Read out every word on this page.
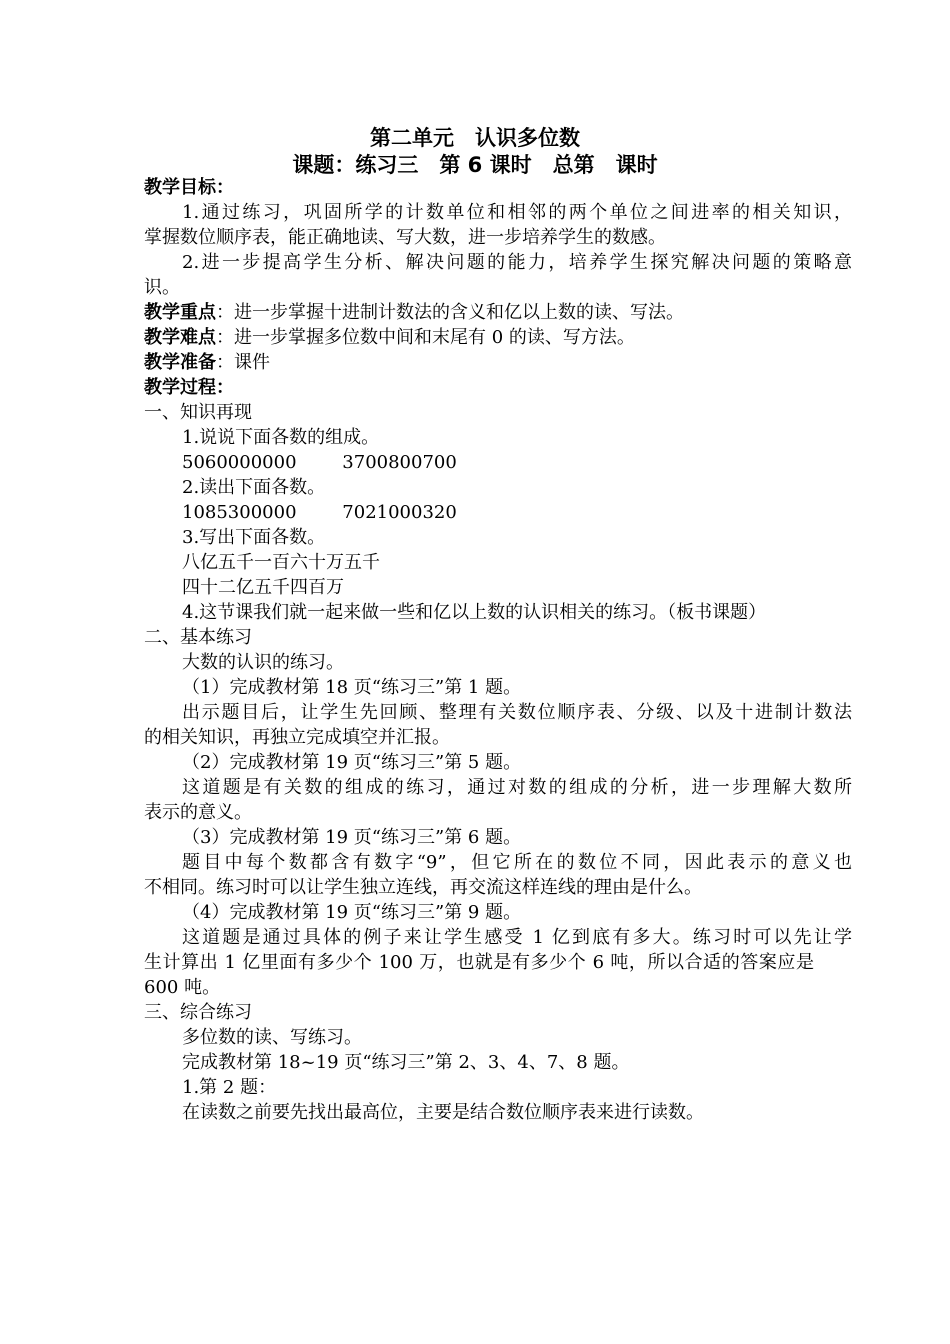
第二单元　认识多位数
课题：练习三　第 6 课时　总第　课时
教学目标：
1.通过练习，巩固所学的计数单位和相邻的两个单位之间进率的相关知识，
掌握数位顺序表，能正确地读、写大数，进一步培养学生的数感。
2.进一步提高学生分析、解决问题的能力，培养学生探究解决问题的策略意
识。
教学重点：进一步掌握十进制计数法的含义和亿以上数的读、写法。
教学难点：进一步掌握多位数中间和末尾有 0 的读、写方法。
教学准备：课件
教学过程：
一、知识再现
1.说说下面各数的组成。
5060000000        3700800700
2.读出下面各数。
1085300000        7021000320
3.写出下面各数。
八亿五千一百六十万五千
四十二亿五千四百万
4.这节课我们就一起来做一些和亿以上数的认识相关的练习。（板书课题）
二、基本练习
大数的认识的练习。
（1）完成教材第 18 页“练习三”第 1 题。
出示题目后，让学生先回顾、整理有关数位顺序表、分级、以及十进制计数法
的相关知识，再独立完成填空并汇报。
（2）完成教材第 19 页“练习三”第 5 题。
这道题是有关数的组成的练习，通过对数的组成的分析，进一步理解大数所
表示的意义。
（3）完成教材第 19 页“练习三”第 6 题。
题目中每个数都含有数字“9”，但它所在的数位不同，因此表示的意义也
不相同。练习时可以让学生独立连线，再交流这样连线的理由是什么。
（4）完成教材第 19 页“练习三”第 9 题。
这道题是通过具体的例子来让学生感受 1 亿到底有多大。练习时可以先让学
生计算出 1 亿里面有多少个 100 万，也就是有多少个 6 吨，所以合适的答案应是
600 吨。
三、综合练习
多位数的读、写练习。
完成教材第 18~19 页“练习三”第 2、3、4、7、8 题。
1.第 2 题：
在读数之前要先找出最高位，主要是结合数位顺序表来进行读数。
